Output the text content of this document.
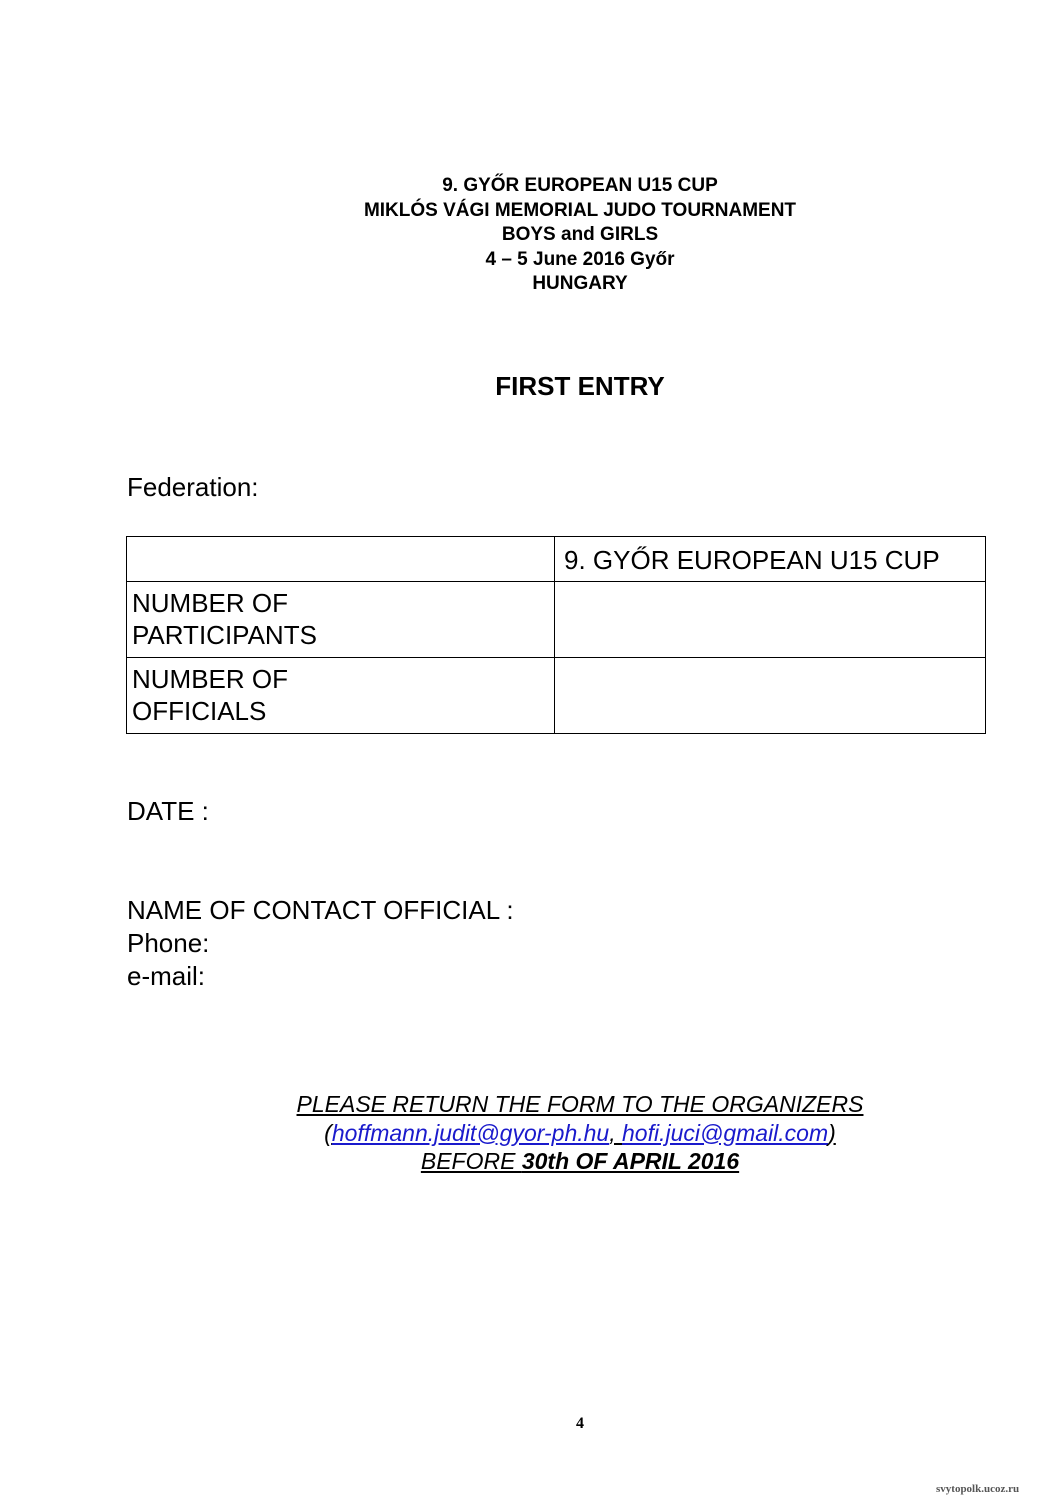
9. GYŐR EUROPEAN U15 CUP
MIKLÓS VÁGI MEMORIAL JUDO TOURNAMENT
BOYS and GIRLS
4 – 5 June 2016 Győr
HUNGARY
FIRST ENTRY
Federation:
	9. GYŐR EUROPEAN U15 CUP

NUMBER OF
PARTICIPANTS	

NUMBER OF
OFFICIALS	

DATE :
NAME OF CONTACT OFFICIAL :
Phone:
e-mail:
PLEASE RETURN THE FORM TO THE ORGANIZERS
(hoffmann.judit@gyor-ph.hu, hofi.juci@gmail.com)
BEFORE 30th OF APRIL 2016
4
svytopolk.ucoz.ru
